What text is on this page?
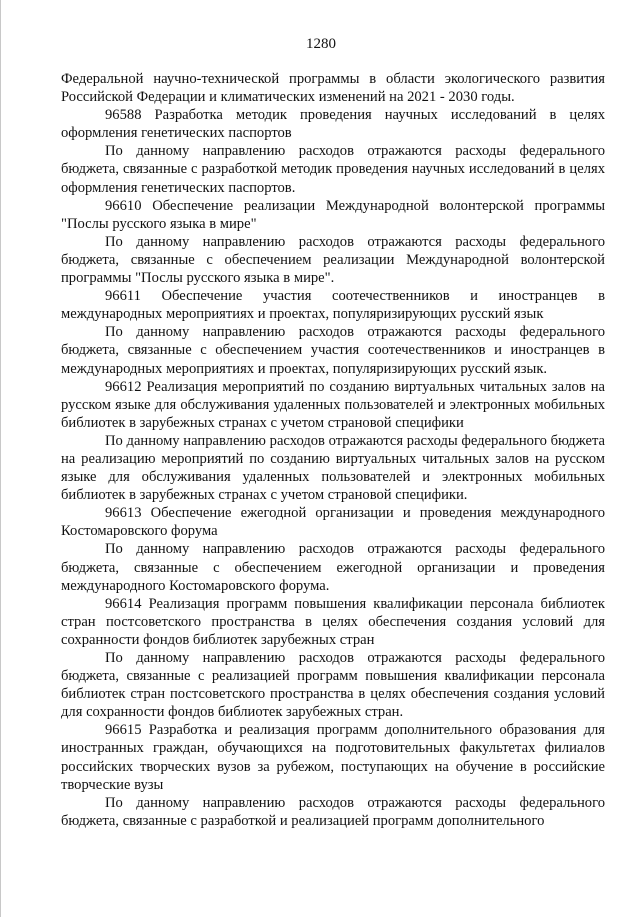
1280

Федеральной научно-технической программы в области экологического развития Российской Федерации и климатических изменений на 2021 - 2030 годы.

96588 Разработка методик проведения научных исследований в целях оформления генетических паспортов

По данному направлению расходов отражаются расходы федерального бюджета, связанные с разработкой методик проведения научных исследований в целях оформления генетических паспортов.

96610 Обеспечение реализации Международной волонтерской программы "Послы русского языка в мире"

По данному направлению расходов отражаются расходы федерального бюджета, связанные с обеспечением реализации Международной волонтерской программы "Послы русского языка в мире".

96611 Обеспечение участия соотечественников и иностранцев в международных мероприятиях и проектах, популяризирующих русский язык

По данному направлению расходов отражаются расходы федерального бюджета, связанные с обеспечением участия соотечественников и иностранцев в международных мероприятиях и проектах, популяризирующих русский язык.

96612 Реализация мероприятий по созданию виртуальных читальных залов на русском языке для обслуживания удаленных пользователей и электронных мобильных библиотек в зарубежных странах с учетом страновой специфики

По данному направлению расходов отражаются расходы федерального бюджета на реализацию мероприятий по созданию виртуальных читальных залов на русском языке для обслуживания удаленных пользователей и электронных мобильных библиотек в зарубежных странах с учетом страновой специфики.

96613 Обеспечение ежегодной организации и проведения международного Костомаровского форума

По данному направлению расходов отражаются расходы федерального бюджета, связанные с обеспечением ежегодной организации и проведения международного Костомаровского форума.

96614 Реализация программ повышения квалификации персонала библиотек стран постсоветского пространства в целях обеспечения создания условий для сохранности фондов библиотек зарубежных стран

По данному направлению расходов отражаются расходы федерального бюджета, связанные с реализацией программ повышения квалификации персонала библиотек стран постсоветского пространства в целях обеспечения создания условий для сохранности фондов библиотек зарубежных стран.

96615 Разработка и реализация программ дополнительного образования для иностранных граждан, обучающихся на подготовительных факультетах филиалов российских творческих вузов за рубежом, поступающих на обучение в российские творческие вузы

По данному направлению расходов отражаются расходы федерального бюджета, связанные с разработкой и реализацией программ дополнительного
